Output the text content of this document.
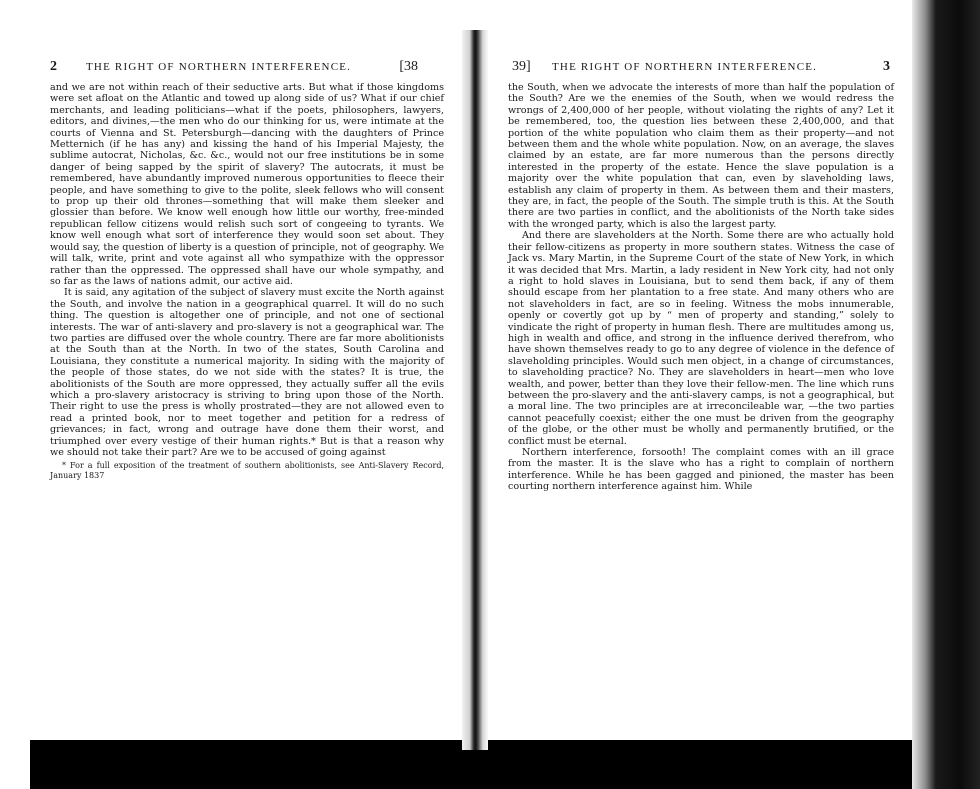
2	THE RIGHT OF NORTHERN INTERFERENCE.	[38

and we are not within reach of their seductive arts. But what if those kingdoms were set afloat on the Atlantic and towed up along side of us? What if our chief merchants, and leading politicians—what if the poets, philosophers, lawyers, editors, and divines,—the men who do our thinking for us, were intimate at the courts of Vienna and St. Petersburgh—dancing with the daughters of Prince Metternich (if he has any) and kissing the hand of his Imperial Majesty, the sublime autocrat, Nicholas, &c. &c., would not our free institutions be in some danger of being sapped by the spirit of slavery? The autocrats, it must be remembered, have abundantly improved numerous opportunities to fleece their people, and have something to give to the polite, sleek fellows who will consent to prop up their old thrones—something that will make them sleeker and glossier than before. We know well enough how little our worthy, free-minded republican fellow citizens would relish such sort of congeeing to tyrants. We know well enough what sort of interference they would soon set about. They would say, the question of liberty is a question of principle, not of geography. We will talk, write, print and vote against all who sympathize with the oppressor rather than the oppressed. The oppressed shall have our whole sympathy, and so far as the laws of nations admit, our active aid.

It is said, any agitation of the subject of slavery must excite the North against the South, and involve the nation in a geographical quarrel. It will do no such thing. The question is altogether one of principle, and not one of sectional interests. The war of anti-slavery and pro-slavery is not a geographical war. The two parties are diffused over the whole country. There are far more abolitionists at the South than at the North. In two of the states, South Carolina and Louisiana, they constitute a numerical majority. In siding with the majority of the people of those states, do we not side with the states? It is true, the abolitionists of the South are more oppressed, they actually suffer all the evils which a pro-slavery aristocracy is striving to bring upon those of the North. Their right to use the press is wholly prostrated—they are not allowed even to read a printed book, nor to meet together and petition for a redress of grievances; in fact, wrong and outrage have done them their worst, and triumphed over every vestige of their human rights.* But is that a reason why we should not take their part? Are we to be accused of going against

* For a full exposition of the treatment of southern abolitionists, see Anti-Slavery Record, January 1837
39] THE RIGHT OF NORTHERN INTERFERENCE.	3

the South, when we advocate the interests of more than half the population of the South? Are we the enemies of the South, when we would redress the wrongs of 2,400,000 of her people, without violating the rights of any? Let it be remembered, too, the question lies between these 2,400,000, and that portion of the white population who claim them as their property—and not between them and the whole white population. Now, on an average, the slaves claimed by an estate, are far more numerous than the persons directly interested in the property of the estate. Hence the slave population is a majority over the white population that can, even by slaveholding laws, establish any claim of property in them. As between them and their masters, they are, in fact, the people of the South. The simple truth is this. At the South there are two parties in conflict, and the abolitionists of the North take sides with the wronged party, which is also the largest party.

And there are slaveholders at the North. Some there are who actually hold their fellow-citizens as property in more southern states. Witness the case of Jack vs. Mary Martin, in the Supreme Court of the state of New York, in which it was decided that Mrs. Martin, a lady resident in New York city, had not only a right to hold slaves in Louisiana, but to send them back, if any of them should escape from her plantation to a free state. And many others who are not slaveholders in fact, are so in feeling. Witness the mobs innumerable, openly or covertly got up by “ men of property and standing,” solely to vindicate the right of property in human flesh. There are multitudes among us, high in wealth and office, and strong in the influence derived therefrom, who have shown themselves ready to go to any degree of violence in the defence of slaveholding principles. Would such men object, in a change of circumstances, to slaveholding practice? No. They are slaveholders in heart—men who love wealth, and power, better than they love their fellow-men. The line which runs between the pro-slavery and the anti-slavery camps, is not a geographical, but a moral line. The two principles are at irreconcileable war, —the two parties cannot peacefully coexist; either the one must be driven from the geography of the globe, or the other must be wholly and permanently brutified, or the conflict must be eternal.

Northern interference, forsooth! The complaint comes with an ill grace from the master. It is the slave who has a right to complain of northern interference. While he has been gagged and pinioned, the master has been courting northern interference against him. While
